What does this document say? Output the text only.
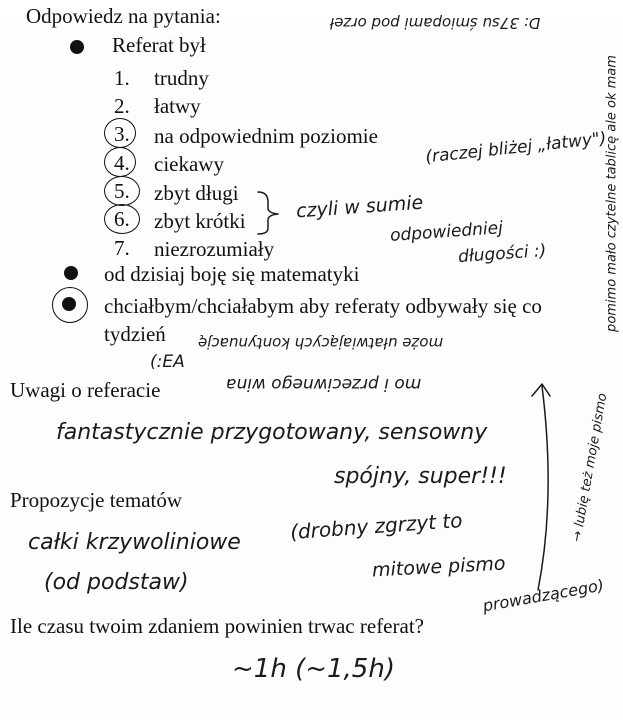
Odpowiedz na pytania:
Referat był
1. trudny
2. łatwy
3. na odpowiednim poziomie
4. ciekawy
5. zbyt długi
6. zbyt krótki
7. niezrozumiały
od dzisiaj boję się matematyki
chciałbym/chciałabym aby referaty odbywały się co
tydzień
Uwagi o referacie
Propozycje tematów
Ile czasu twoim zdaniem powinien trwac referat?
D: 37su śmiopami pod orzeł
(raczej bliżej „łatwy")
czyli w sumie
odpowiedniej
długości :)	pomimo mało czytelne tablicę ale ok mam
może ułatwiających kontynuację
(:EA
mo i przeciwnego wina
fantastycznie przygotowany, sensowny
spójny, super!!!
całki krzywoliniowe
(od podstaw)
(drobny zgrzyt to
mitowe pismo
prowadzącego)
→ lubię też moje pismo
~1h (~1,5h)
